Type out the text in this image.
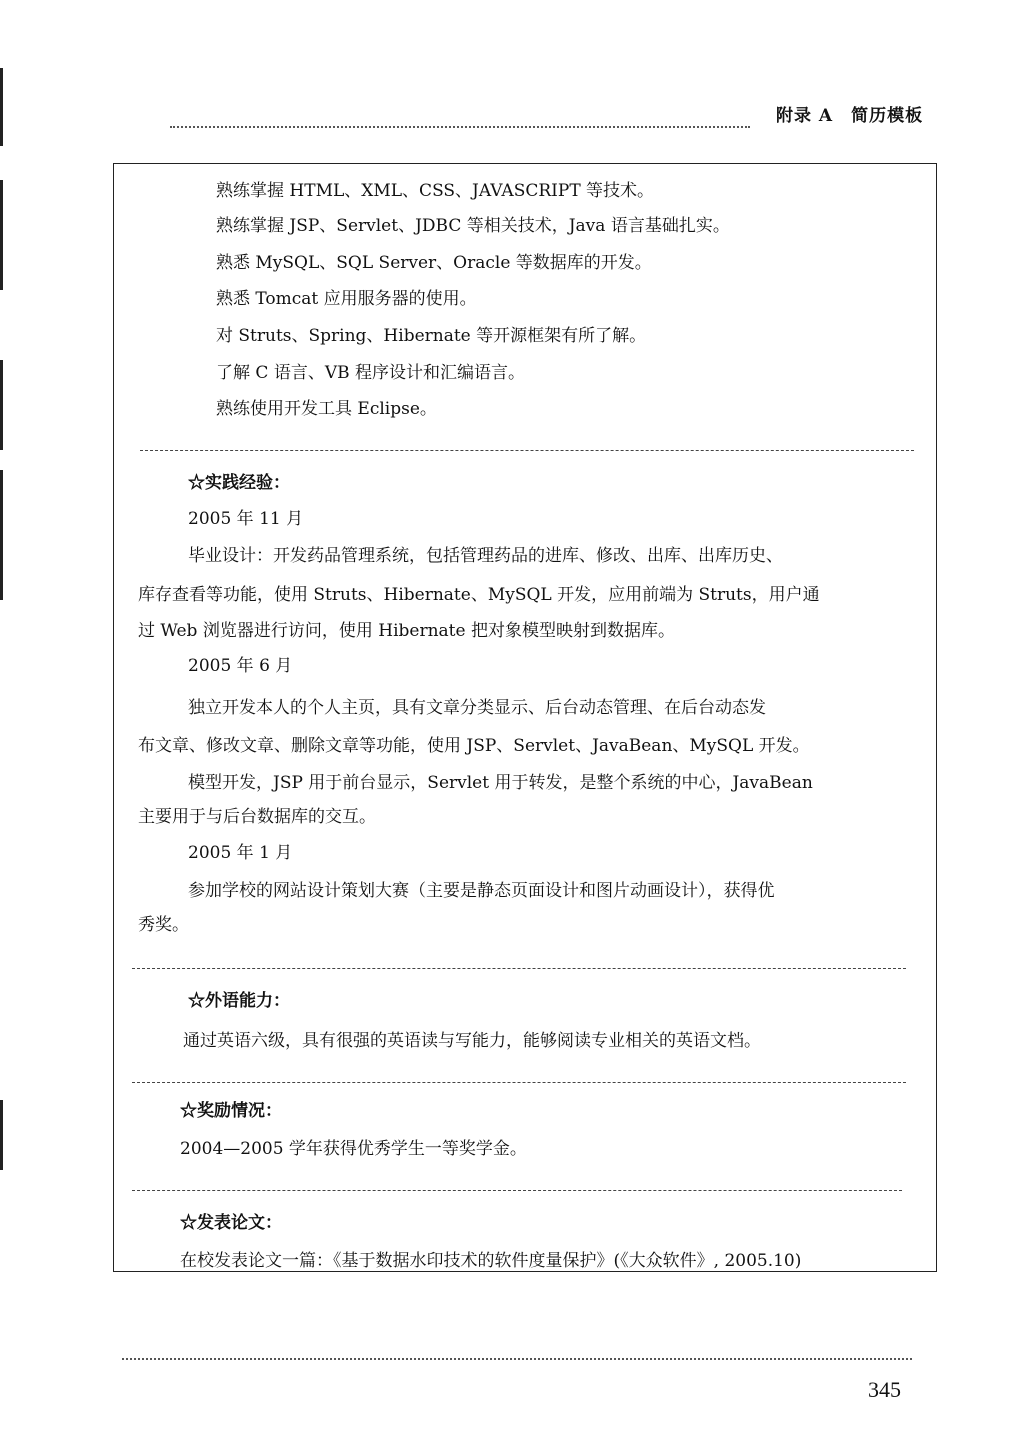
附录 A　简历模板
熟练掌握 HTML、XML、CSS、JAVASCRIPT 等技术。
熟练掌握 JSP、Servlet、JDBC 等相关技术，Java 语言基础扎实。
熟悉 MySQL、SQL Server、Oracle 等数据库的开发。
熟悉 Tomcat 应用服务器的使用。
对 Struts、Spring、Hibernate 等开源框架有所了解。
了解 C 语言、VB 程序设计和汇编语言。
熟练使用开发工具 Eclipse。
☆实践经验：
2005 年 11 月
毕业设计：开发药品管理系统，包括管理药品的进库、修改、出库、出库历史、
库存查看等功能，使用 Struts、Hibernate、MySQL 开发，应用前端为 Struts，用户通
过 Web 浏览器进行访问，使用 Hibernate 把对象模型映射到数据库。
2005 年 6 月
独立开发本人的个人主页，具有文章分类显示、后台动态管理、在后台动态发
布文章、修改文章、删除文章等功能，使用 JSP、Servlet、JavaBean、MySQL 开发。
模型开发，JSP 用于前台显示，Servlet 用于转发，是整个系统的中心，JavaBean
主要用于与后台数据库的交互。
2005 年 1 月
参加学校的网站设计策划大赛（主要是静态页面设计和图片动画设计），获得优
秀奖。
☆外语能力：
通过英语六级，具有很强的英语读与写能力，能够阅读专业相关的英语文档。
☆奖励情况：
2004—2005 学年获得优秀学生一等奖学金。
☆发表论文：
在校发表论文一篇：《基于数据水印技术的软件度量保护》(《大众软件》, 2005.10)
345
